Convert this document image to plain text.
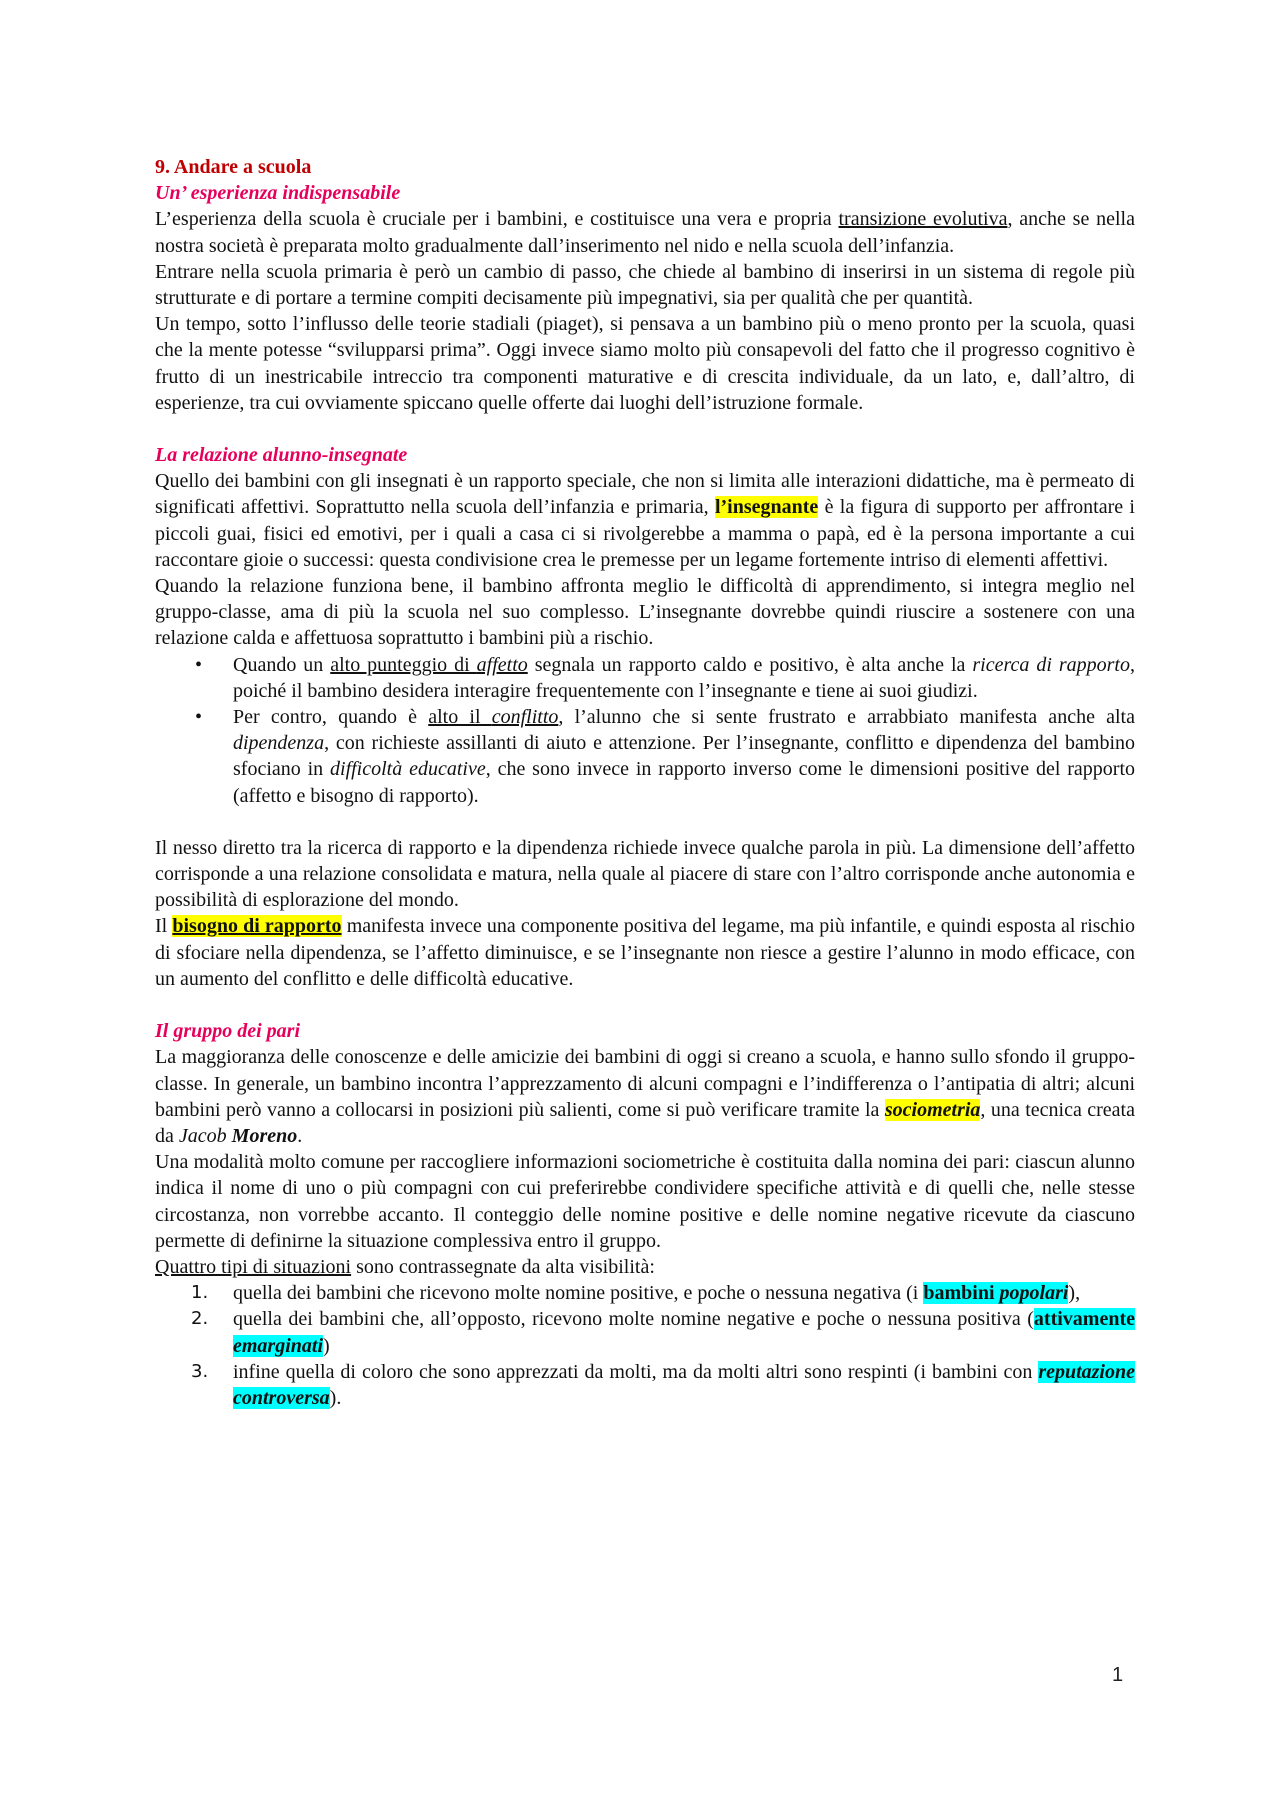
9. Andare a scuola

Un’ esperienza indispensabile

L’esperienza della scuola è cruciale per i bambini, e costituisce una vera e propria transizione evolutiva, anche se nella nostra società è preparata molto gradualmente dall’inserimento nel nido e nella scuola dell’infanzia.

Entrare nella scuola primaria è però un cambio di passo, che chiede al bambino di inserirsi in un sistema di regole più strutturate e di portare a termine compiti decisamente più impegnativi, sia per qualità che per quantità.

Un tempo, sotto l’influsso delle teorie stadiali (piaget), si pensava a un bambino più o meno pronto per la scuola, quasi che la mente potesse “svilupparsi prima”. Oggi invece siamo molto più consapevoli del fatto che il progresso cognitivo è frutto di un inestricabile intreccio tra componenti maturative e di crescita individuale, da un lato, e, dall’altro, di esperienze, tra cui ovviamente spiccano quelle offerte dai luoghi dell’istruzione formale.

La relazione alunno-insegnate

Quello dei bambini con gli insegnati è un rapporto speciale, che non si limita alle interazioni didattiche, ma è permeato di significati affettivi. Soprattutto nella scuola dell’infanzia e primaria, l’insegnante è la figura di supporto per affrontare i piccoli guai, fisici ed emotivi, per i quali a casa ci si rivolgerebbe a mamma o papà, ed è la persona importante a cui raccontare gioie o successi: questa condivisione crea le premesse per un legame fortemente intriso di elementi affettivi.

Quando la relazione funziona bene, il bambino affronta meglio le difficoltà di apprendimento, si integra meglio nel gruppo-classe, ama di più la scuola nel suo complesso. L’insegnante dovrebbe quindi riuscire a sostenere con una relazione calda e affettuosa soprattutto i bambini più a rischio.

• Quando un alto punteggio di affetto segnala un rapporto caldo e positivo, è alta anche la ricerca di rapporto, poiché il bambino desidera interagire frequentemente con l’insegnante e tiene ai suoi giudizi.
• Per contro, quando è alto il conflitto, l’alunno che si sente frustrato e arrabbiato manifesta anche alta dipendenza, con richieste assillanti di aiuto e attenzione. Per l’insegnante, conflitto e dipendenza del bambino sfociano in difficoltà educative, che sono invece in rapporto inverso come le dimensioni positive del rapporto (affetto e bisogno di rapporto).

Il nesso diretto tra la ricerca di rapporto e la dipendenza richiede invece qualche parola in più. La dimensione dell’affetto corrisponde a una relazione consolidata e matura, nella quale al piacere di stare con l’altro corrisponde anche autonomia e possibilità di esplorazione del mondo.

Il bisogno di rapporto manifesta invece una componente positiva del legame, ma più infantile, e quindi esposta al rischio di sfociare nella dipendenza, se l’affetto diminuisce, e se l’insegnante non riesce a gestire l’alunno in modo efficace, con un aumento del conflitto e delle difficoltà educative.

Il gruppo dei pari

La maggioranza delle conoscenze e delle amicizie dei bambini di oggi si creano a scuola, e hanno sullo sfondo il gruppo-classe. In generale, un bambino incontra l’apprezzamento di alcuni compagni e l’indifferenza o l’antipatia di altri; alcuni bambini però vanno a collocarsi in posizioni più salienti, come si può verificare tramite la sociometria, una tecnica creata da Jacob Moreno.

Una modalità molto comune per raccogliere informazioni sociometriche è costituita dalla nomina dei pari: ciascun alunno indica il nome di uno o più compagni con cui preferirebbe condividere specifiche attività e di quelli che, nelle stesse circostanza, non vorrebbe accanto. Il conteggio delle nomine positive e delle nomine negative ricevute da ciascuno permette di definirne la situazione complessiva entro il gruppo.

Quattro tipi di situazioni sono contrassegnate da alta visibilità:

1. quella dei bambini che ricevono molte nomine positive, e poche o nessuna negativa (i bambini popolari),
2. quella dei bambini che, all’opposto, ricevono molte nomine negative e poche o nessuna positiva (attivamente emarginati)
3. infine quella di coloro che sono apprezzati da molti, ma da molti altri sono respinti (i bambini con reputazione controversa).
1
